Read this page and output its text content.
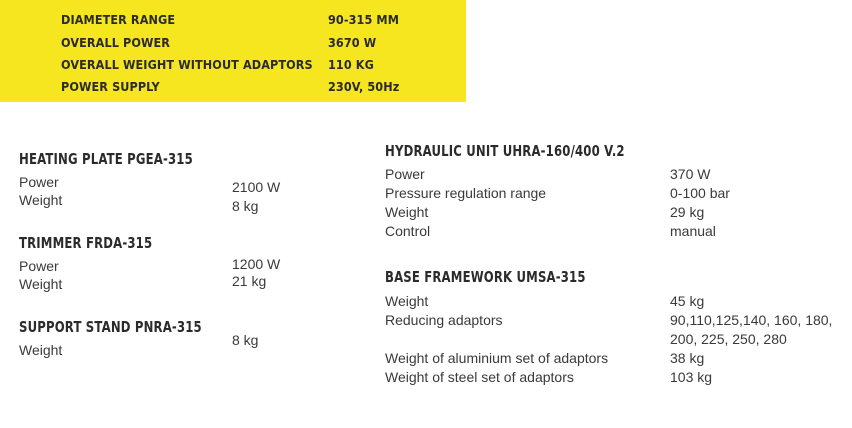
DIAMETER RANGE	90-315 MM
OVERALL POWER	3670 W
OVERALL WEIGHT WITHOUT ADAPTORS 110 KG
POWER SUPPLY	230V, 50Hz
HEATING PLATE PGEA-315
Power	2100 W
Weight	8 kg
TRIMMER FRDA-315
Power	1200 W
Weight	21 kg
SUPPORT STAND PNRA-315
Weight
8 kg
HYDRAULIC UNIT UHRA-160/400 V.2
Power	370 W
Pressure regulation range	0-100 bar
Weight	29 kg
Control	manual
BASE FRAMEWORK UMSA-315
Weight	45 kg
Reducing adaptors	90,110,125,140, 160, 180,
200, 225, 250, 280
Weight of aluminium set of adaptors	38 kg
Weight of steel set of adaptors	103 kg
